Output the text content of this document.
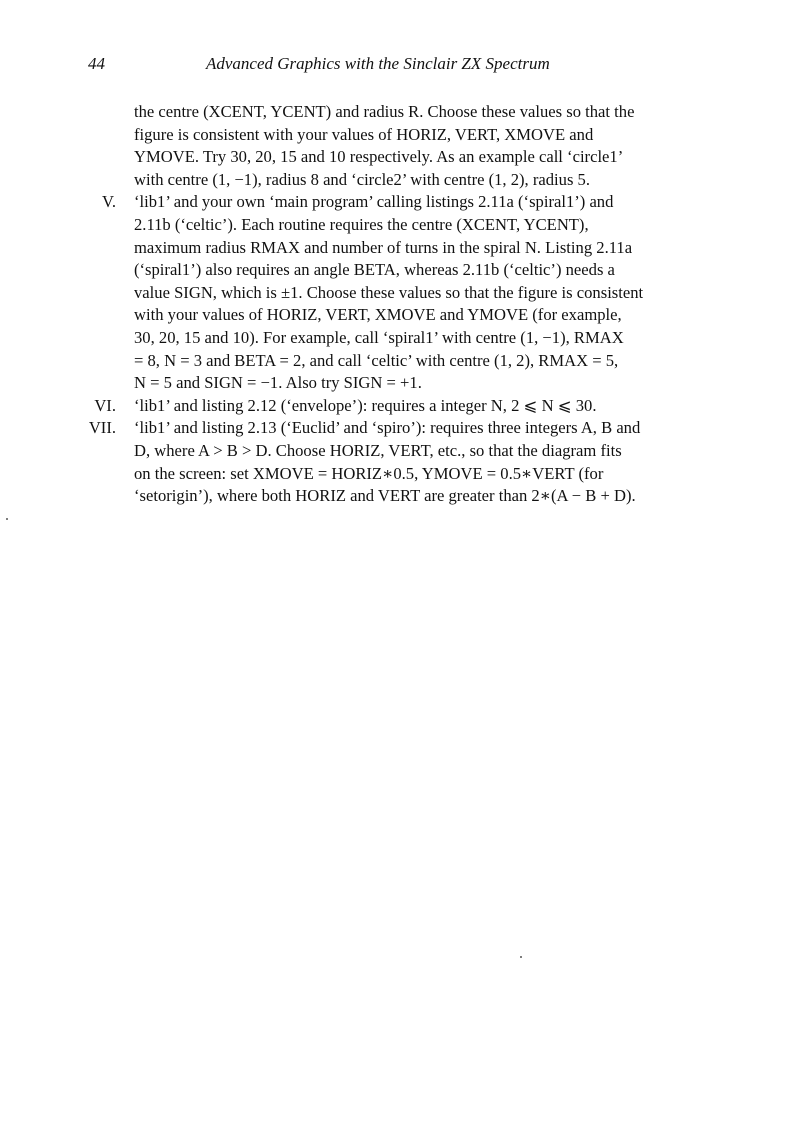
44	Advanced Graphics with the Sinclair ZX Spectrum
the centre (XCENT, YCENT) and radius R. Choose these values so that the
figure is consistent with your values of HORIZ, VERT, XMOVE and
YMOVE. Try 30, 20, 15 and 10 respectively. As an example call ‘circle1’
with centre (1, −1), radius 8 and ‘circle2’ with centre (1, 2), radius 5.
V. ‘lib1’ and your own ‘main program’ calling listings 2.11a (‘spiral1’) and
2.11b (‘celtic’). Each routine requires the centre (XCENT, YCENT),
maximum radius RMAX and number of turns in the spiral N. Listing 2.11a
(‘spiral1’) also requires an angle BETA, whereas 2.11b (‘celtic’) needs a
value SIGN, which is ±1. Choose these values so that the figure is consistent
with your values of HORIZ, VERT, XMOVE and YMOVE (for example,
30, 20, 15 and 10). For example, call ‘spiral1’ with centre (1, −1), RMAX
= 8, N = 3 and BETA = 2, and call ‘celtic’ with centre (1, 2), RMAX = 5,
N = 5 and SIGN = −1. Also try SIGN = +1.
VI. ‘lib1’ and listing 2.12 (‘envelope’): requires a integer N, 2 ⩽ N ⩽ 30.
VII. ‘lib1’ and listing 2.13 (‘Euclid’ and ‘spiro’): requires three integers A, B and
D, where A > B > D. Choose HORIZ, VERT, etc., so that the diagram fits
on the screen: set XMOVE = HORIZ∗0.5, YMOVE = 0.5∗VERT (for
‘setorigin’), where both HORIZ and VERT are greater than 2∗(A − B + D).
